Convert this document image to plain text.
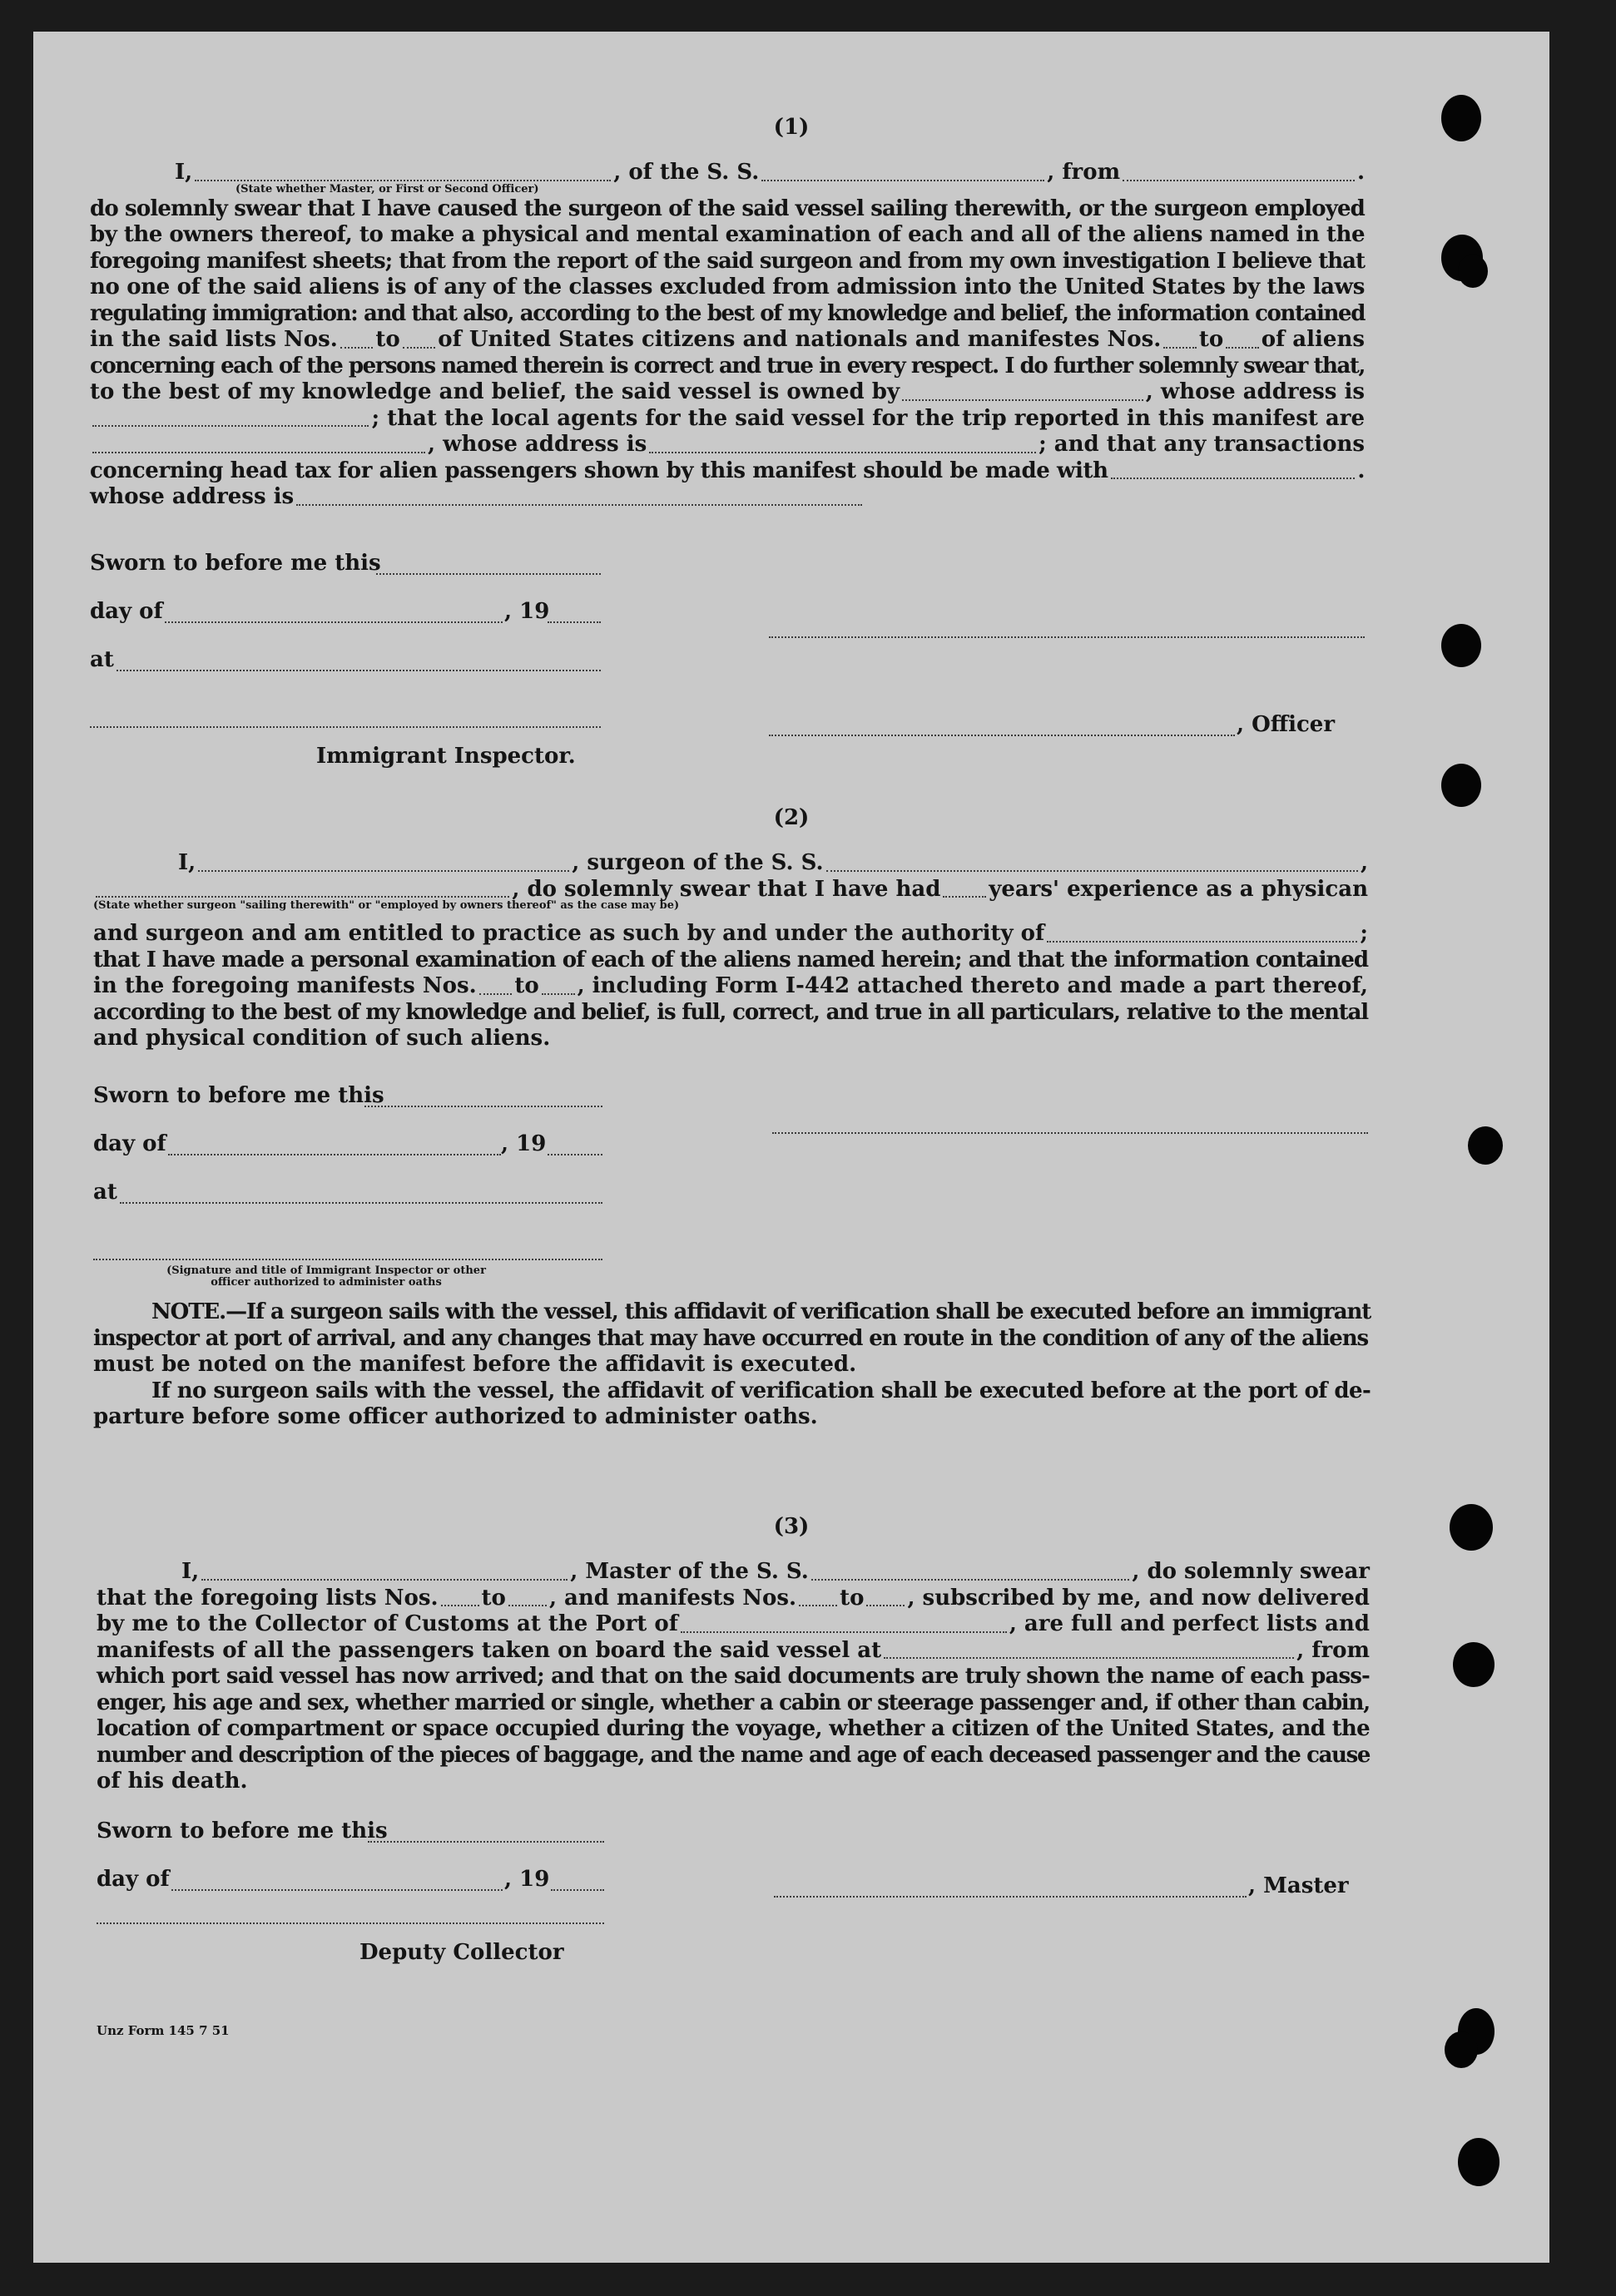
(1)
I,	, of the S. S.	, from	.
(State whether Master, or First or Second Officer)
do solemnly swear that I have caused the surgeon of the said vessel sailing therewith, or the surgeon employed
by the owners thereof, to make a physical and mental examination of each and all of the aliens named in the
foregoing manifest sheets; that from the report of the said surgeon and from my own investigation I believe that
no one of the said aliens is of any of the classes excluded from admission into the United States by the laws
regulating immigration: and that also, according to the best of my knowledge and belief, the information contained
in the said lists Nos. to of United States citizens and nationals and manifestes Nos. to of aliens
concerning each of the persons named therein is correct and true in every respect. I do further solemnly swear that,
to the best of my knowledge and belief, the said vessel is owned by	, whose address is
; that the local agents for the said vessel for the trip reported in this manifest are
, whose address is	; and that any transactions
concerning head tax for alien passengers shown by this manifest should be made with	.
whose address is
Sworn to before me this
day of	, 19
at
Immigrant Inspector.
, Officer
(2)
I,	, surgeon of the S. S.	,
, do solemnly swear that I have had years' experience as a physican
(State whether surgeon "sailing therewith" or "employed by owners thereof" as the case may be)
and surgeon and am entitled to practice as such by and under the authority of	;
that I have made a personal examination of each of the aliens named herein; and that the information contained
in the foregoing manifests Nos. to , including Form I-442 attached thereto and made a part thereof,
according to the best of my knowledge and belief, is full, correct, and true in all particulars, relative to the mental
and physical condition of such aliens.
Sworn to before me this
day of	, 19
at
(Signature and title of Immigrant Inspector or other
officer authorized to administer oaths
NOTE.—If a surgeon sails with the vessel, this affidavit of verification shall be executed before an immigrant
inspector at port of arrival, and any changes that may have occurred en route in the condition of any of the aliens
must be noted on the manifest before the affidavit is executed.
If no surgeon sails with the vessel, the affidavit of verification shall be executed before at the port of de-
parture before some officer authorized to administer oaths.
(3)
I,	, Master of the S. S.	, do solemnly swear
that the foregoing lists Nos. to , and manifests Nos. to , subscribed by me, and now delivered
by me to the Collector of Customs at the Port of	, are full and perfect lists and
manifests of all the passengers taken on board the said vessel at	, from
which port said vessel has now arrived; and that on the said documents are truly shown the name of each pass-
enger, his age and sex, whether married or single, whether a cabin or steerage passenger and, if other than cabin,
location of compartment or space occupied during the voyage, whether a citizen of the United States, and the
number and description of the pieces of baggage, and the name and age of each deceased passenger and the cause
of his death.
Sworn to before me this
day of	, 19	, Master
Deputy Collector
Unz Form 145 7 51
